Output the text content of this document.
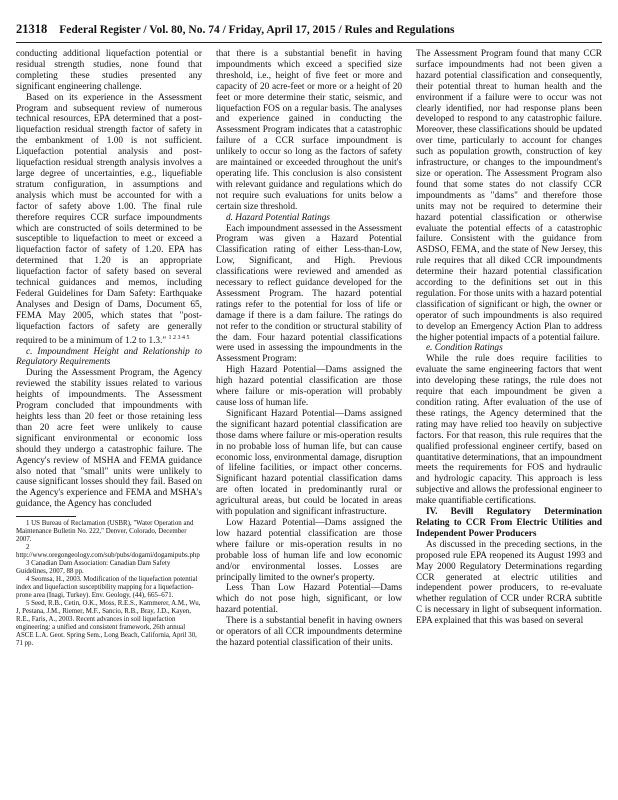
21318 Federal Register / Vol. 80, No. 74 / Friday, April 17, 2015 / Rules and Regulations

conducting additional liquefaction potential or residual strength studies, none found that completing these studies presented any significant engineering challenge.

Based on its experience in the Assessment Program and subsequent review of numerous technical resources, EPA determined that a post-liquefaction residual strength factor of safety in the embankment of 1.00 is not sufficient. Liquefaction potential analysis and post-liquefaction residual strength analysis involves a large degree of uncertainties, e.g., liquefiable stratum configuration, in assumptions and analysis which must be accounted for with a factor of safety above 1.00. The final rule therefore requires CCR surface impoundments which are constructed of soils determined to be susceptible to liquefaction to meet or exceed a liquefaction factor of safety of 1.20. EPA has determined that 1.20 is an appropriate liquefaction factor of safety based on several technical guidances and memos, including Federal Guidelines for Dam Safety: Earthquake Analyses and Design of Dams, Document 65, FEMA May 2005, which states that "post-liquefaction factors of safety are generally required to be a minimum of 1.2 to 1.3." $^{1 2 3 4 5}$

c. Impoundment Height and Relationship to Regulatory Requirements

During the Assessment Program, the Agency reviewed the stability issues related to various heights of impoundments. The Assessment Program concluded that impoundments with heights less than 20 feet or those retaining less than 20 acre feet were unlikely to cause significant environmental or economic loss should they undergo a catastrophic failure. The Agency's review of MSHA and FEMA guidance also noted that "small" units were unlikely to cause significant losses should they fail. Based on the Agency's experience and FEMA and MSHA's guidance, the Agency has concluded

1 US Bureau of Reclamation (USBR), "Water Operation and Maintenance Bulletin No. 222," Denver, Colorado, December 2007.

2 http://www.oregongeology.com/sub/pubs/dogami/dogamipubs.php

3 Canadian Dam Association: Canadian Dam Safety Guidelines, 2007, 88 pp.

4 Seomsa, H., 2003. Modification of the liquefaction potential index and liquefaction susceptibility mapping for a liquefaction-prone area (Inagi, Turkey). Env. Geology, (44), 665–671.

5 Seed, R.B., Cetin, O.K., Moss, R.E.S., Kammerer, A.M., Wu, J, Pestana, J.M., Riemer, M.F., Sancio, R.B., Bray, J.D., Kayen, R.E., Faris, A., 2003. Recent advances in soil liquefaction engineering: a unified and consistent framework, 26th annual ASCE L.A. Geot. Spring Sem., Long Beach, California, April 30, 71 pp.

that there is a substantial benefit in having impoundments which exceed a specified size threshold, i.e., height of five feet or more and capacity of 20 acre-feet or more or a height of 20 feet or more determine their static, seismic, and liquefaction FOS on a regular basis. The analyses and experience gained in conducting the Assessment Program indicates that a catastrophic failure of a CCR surface impoundment is unlikely to occur so long as the factors of safety are maintained or exceeded throughout the unit's operating life. This conclusion is also consistent with relevant guidance and regulations which do not require such evaluations for units below a certain size threshold.

d. Hazard Potential Ratings

Each impoundment assessed in the Assessment Program was given a Hazard Potential Classification rating of either Less-than-Low, Low, Significant, and High. Previous classifications were reviewed and amended as necessary to reflect guidance developed for the Assessment Program. The hazard potential ratings refer to the potential for loss of life or damage if there is a dam failure. The ratings do not refer to the condition or structural stability of the dam. Four hazard potential classifications were used in assessing the impoundments in the Assessment Program:

High Hazard Potential—Dams assigned the high hazard potential classification are those where failure or mis-operation will probably cause loss of human life.

Significant Hazard Potential—Dams assigned the significant hazard potential classification are those dams where failure or mis-operation results in no probable loss of human life, but can cause economic loss, environmental damage, disruption of lifeline facilities, or impact other concerns. Significant hazard potential classification dams are often located in predominantly rural or agricultural areas, but could be located in areas with population and significant infrastructure.

Low Hazard Potential—Dams assigned the low hazard potential classification are those where failure or mis-operation results in no probable loss of human life and low economic and/or environmental losses. Losses are principally limited to the owner's property.

Less Than Low Hazard Potential—Dams which do not pose high, significant, or low hazard potential.

There is a substantial benefit in having owners or operators of all CCR impoundments determine the hazard potential classification of their units.

The Assessment Program found that many CCR surface impoundments had not been given a hazard potential classification and consequently, their potential threat to human health and the environment if a failure were to occur was not clearly identified, nor had response plans been developed to respond to any catastrophic failure. Moreover, these classifications should be updated over time, particularly to account for changes such as population growth, construction of key infrastructure, or changes to the impoundment's size or operation. The Assessment Program also found that some states do not classify CCR impoundments as "dams" and therefore those units may not be required to determine their hazard potential classification or otherwise evaluate the potential effects of a catastrophic failure. Consistent with the guidance from ASDSO, FEMA, and the state of New Jersey, this rule requires that all diked CCR impoundments determine their hazard potential classification according to the definitions set out in this regulation. For those units with a hazard potential classification of significant or high, the owner or operator of such impoundments is also required to develop an Emergency Action Plan to address the higher potential impacts of a potential failure.

e. Condition Ratings

While the rule does require facilities to evaluate the same engineering factors that went into developing these ratings, the rule does not require that each impoundment be given a condition rating. After evaluation of the use of these ratings, the Agency determined that the rating may have relied too heavily on subjective factors. For that reason, this rule requires that the qualified professional engineer certify, based on quantitative determinations, that an impoundment meets the requirements for FOS and hydraulic and hydrologic capacity. This approach is less subjective and allows the professional engineer to make quantifiable certifications.

IV. Bevill Regulatory Determination Relating to CCR From Electric Utilities and Independent Power Producers

As discussed in the preceding sections, in the proposed rule EPA reopened its August 1993 and May 2000 Regulatory Determinations regarding CCR generated at electric utilities and independent power producers, to re-evaluate whether regulation of CCR under RCRA subtitle C is necessary in light of subsequent information. EPA explained that this was based on several
